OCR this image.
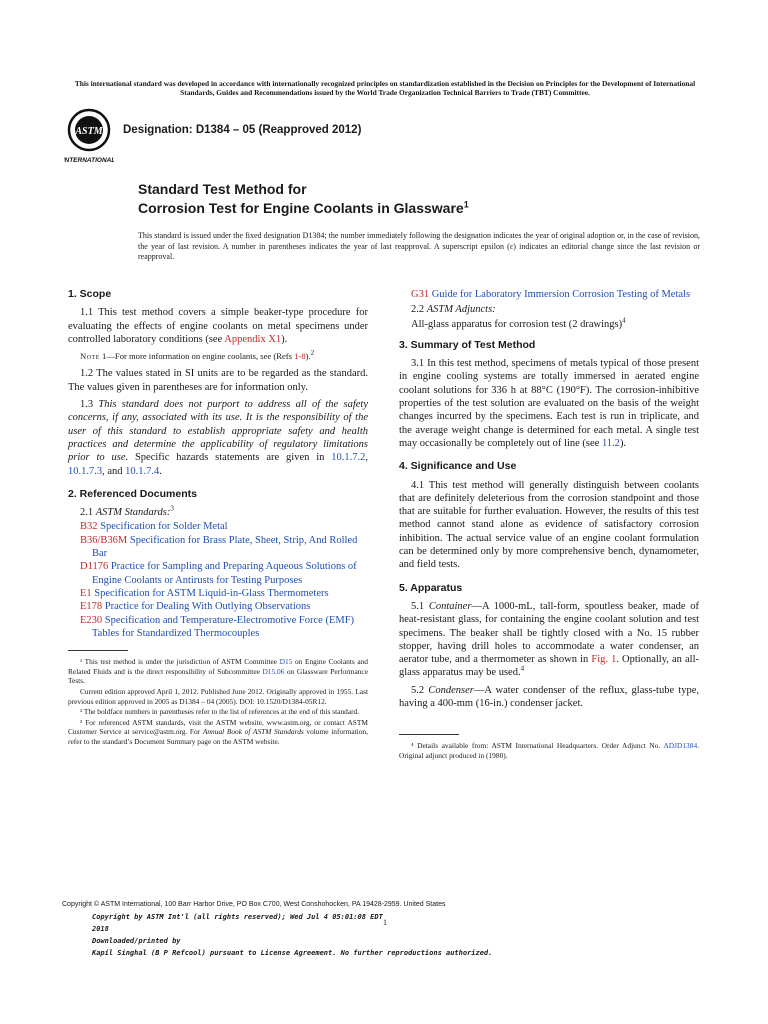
This international standard was developed in accordance with internationally recognized principles on standardization established in the Decision on Principles for the Development of International Standards, Guides and Recommendations issued by the World Trade Organization Technical Barriers to Trade (TBT) Committee.
ASTM
INTERNATIONAL
Designation: D1384 – 05 (Reapproved 2012)
Standard Test Method for
Corrosion Test for Engine Coolants in Glassware$^1$
This standard is issued under the fixed designation D1384; the number immediately following the designation indicates the year of original adoption or, in the case of revision, the year of last revision. A number in parentheses indicates the year of last reapproval. A superscript epsilon (ε) indicates an editorial change since the last revision or reapproval.
1. Scope

1.1 This test method covers a simple beaker-type procedure for evaluating the effects of engine coolants on metal specimens under controlled laboratory conditions (see Appendix X1).

Note 1—For more information on engine coolants, see (Refs 1-8).$^2$

1.2 The values stated in SI units are to be regarded as the standard. The values given in parentheses are for information only.

1.3 This standard does not purport to address all of the safety concerns, if any, associated with its use. It is the responsibility of the user of this standard to establish appropriate safety and health practices and determine the applicability of regulatory limitations prior to use. Specific hazards statements are given in 10.1.7.2, 10.1.7.3, and 10.1.7.4.

2. Referenced Documents

2.1 ASTM Standards:$^3$

B32 Specification for Solder Metal
B36/B36M Specification for Brass Plate, Sheet, Strip, And Rolled Bar
D1176 Practice for Sampling and Preparing Aqueous Solutions of Engine Coolants or Antirusts for Testing Purposes
E1 Specification for ASTM Liquid-in-Glass Thermometers
E178 Practice for Dealing With Outlying Observations
E230 Specification and Temperature-Electromotive Force (EMF) Tables for Standardized Thermocouples

¹ This test method is under the jurisdiction of ASTM Committee D15 on Engine Coolants and Related Fluids and is the direct responsibility of Subcommittee D15.06 on Glassware Performance Tests.

Current edition approved April 1, 2012. Published June 2012. Originally approved in 1955. Last previous edition approved in 2005 as D1384 – 04 (2005). DOI: 10.1520/D1384-05R12.

² The boldface numbers in parentheses refer to the list of references at the end of this standard.

³ For referenced ASTM standards, visit the ASTM website, www.astm.org, or contact ASTM Customer Service at service@astm.org. For Annual Book of ASTM Standards volume information, refer to the standard’s Document Summary page on the ASTM website.

G31 Guide for Laboratory Immersion Corrosion Testing of Metals

2.2 ASTM Adjuncts:

All-glass apparatus for corrosion test (2 drawings)$^4$

3. Summary of Test Method

3.1 In this test method, specimens of metals typical of those present in engine cooling systems are totally immersed in aerated engine coolant solutions for 336 h at 88°C (190°F). The corrosion-inhibitive properties of the test solution are evaluated on the basis of the weight changes incurred by the specimens. Each test is run in triplicate, and the average weight change is determined for each metal. A single test may occasionally be completely out of line (see 11.2).

4. Significance and Use

4.1 This test method will generally distinguish between coolants that are definitely deleterious from the corrosion standpoint and those that are suitable for further evaluation. However, the results of this test method cannot stand alone as evidence of satisfactory corrosion inhibition. The actual service value of an engine coolant formulation can be determined only by more comprehensive bench, dynamometer, and field tests.

5. Apparatus

5.1 Container—A 1000-mL, tall-form, spoutless beaker, made of heat-resistant glass, for containing the engine coolant solution and test specimens. The beaker shall be tightly closed with a No. 15 rubber stopper, having drill holes to accommodate a water condenser, an aerator tube, and a thermometer as shown in Fig. 1. Optionally, an all-glass apparatus may be used.$^4$

5.2 Condenser—A water condenser of the reflux, glass-tube type, having a 400-mm (16-in.) condenser jacket.

⁴ Details available from: ASTM International Headquarters. Order Adjunct No. ADJD1384. Original adjunct produced in (1980).

Copyright © ASTM International, 100 Barr Harbor Drive, PO Box C700, West Conshohocken, PA 19428-2959. United States
Copyright by ASTM Int'l (all rights reserved); Wed Jul 4 05:01:08 EDT 2018
Downloaded/printed by
Kapil Singhal (B P Refcool) pursuant to License Agreement. No further reproductions authorized.
1
